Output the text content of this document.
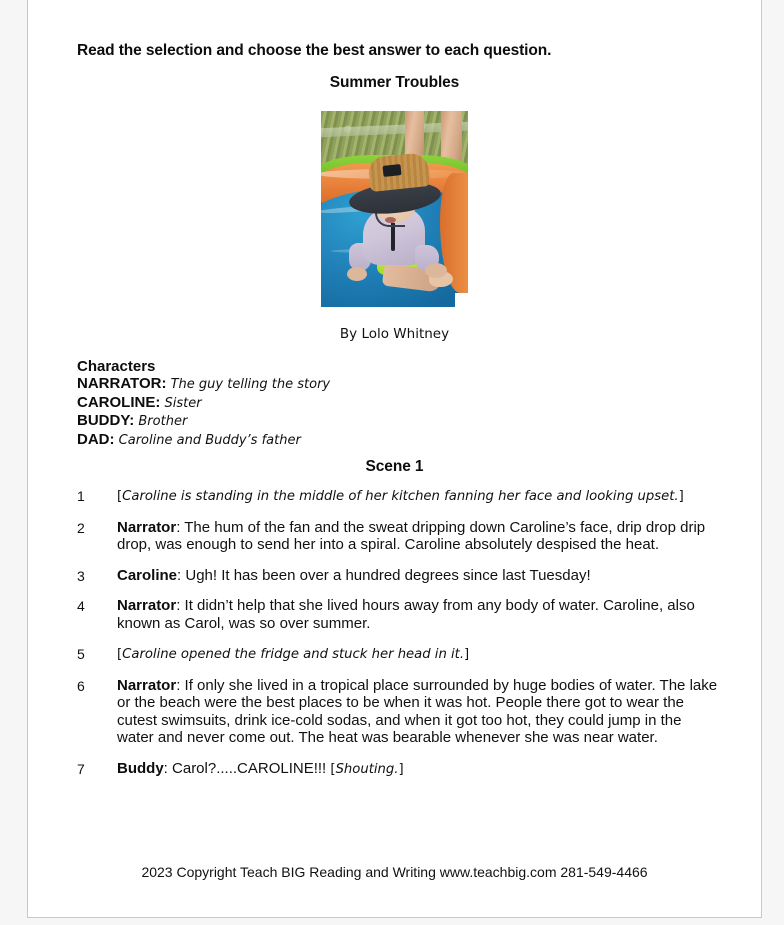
Read the selection and choose the best answer to each question.
Summer Troubles
By Lolo Whitney
Characters
NARRATOR: The guy telling the story
CAROLINE: Sister
BUDDY: Brother
DAD: Caroline and Buddy’s father
Scene 1
1	[Caroline is standing in the middle of her kitchen fanning her face and looking upset.]
2	Narrator: The hum of the fan and the sweat dripping down Caroline’s face, drip drop drip drop, was enough to send her into a spiral. Caroline absolutely despised the heat.
3	Caroline: Ugh! It has been over a hundred degrees since last Tuesday!
4	Narrator: It didn’t help that she lived hours away from any body of water. Caroline, also known as Carol, was so over summer.
5	[Caroline opened the fridge and stuck her head in it.]
6	Narrator: If only she lived in a tropical place surrounded by huge bodies of water. The lake or the beach were the best places to be when it was hot. People there got to wear the cutest swimsuits, drink ice-cold sodas, and when it got too hot, they could jump in the water and never come out. The heat was bearable whenever she was near water.
7	Buddy: Carol?.....CAROLINE!!! [Shouting.]
2023 Copyright Teach BIG Reading and Writing www.teachbig.com 281-549-4466
